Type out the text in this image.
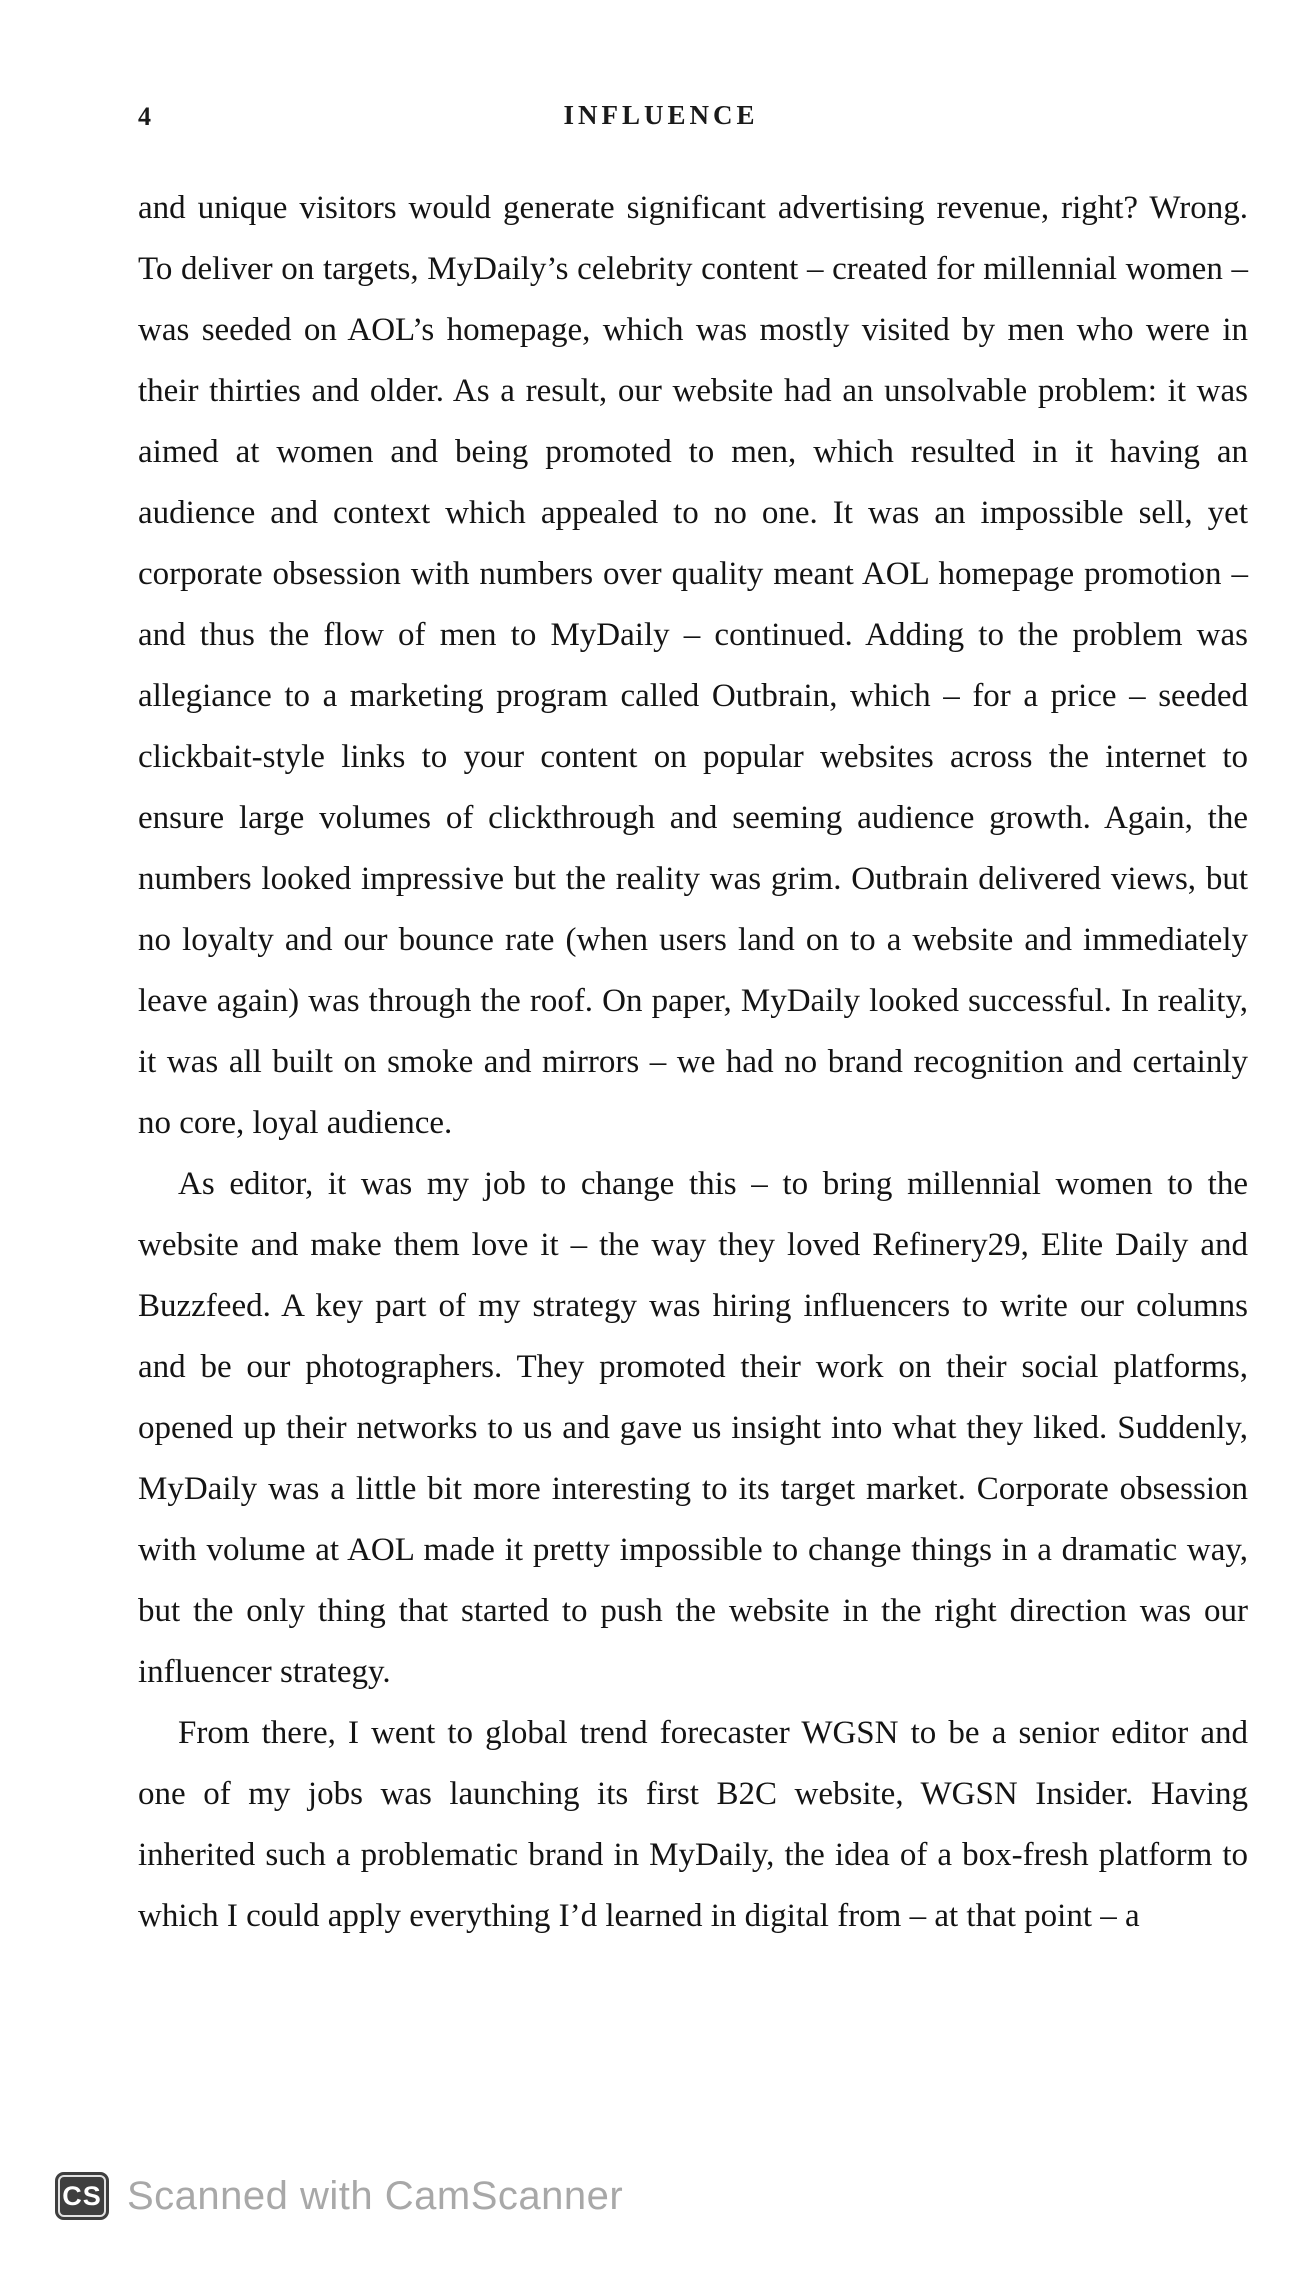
4	INFLUENCE

and unique visitors would generate significant advertising revenue, right? Wrong. To deliver on targets, MyDaily’s celebrity content – created for millennial women – was seeded on AOL’s homepage, which was mostly visited by men who were in their thirties and older. As a result, our website had an unsolvable problem: it was aimed at women and being promoted to men, which resulted in it having an audience and context which appealed to no one. It was an impossible sell, yet corporate obsession with numbers over quality meant AOL homepage promotion – and thus the flow of men to MyDaily – continued. Adding to the problem was allegiance to a marketing program called Outbrain, which – for a price – seeded clickbait-style links to your content on popular websites across the internet to ensure large volumes of clickthrough and seeming audience growth. Again, the numbers looked impressive but the reality was grim. Outbrain delivered views, but no loyalty and our bounce rate (when users land on to a website and immediately leave again) was through the roof. On paper, MyDaily looked successful. In reality, it was all built on smoke and mirrors – we had no brand recognition and certainly no core, loyal audience.

As editor, it was my job to change this – to bring millennial women to the website and make them love it – the way they loved Refinery29, Elite Daily and Buzzfeed. A key part of my strategy was hiring influencers to write our columns and be our photographers. They promoted their work on their social platforms, opened up their networks to us and gave us insight into what they liked. Suddenly, MyDaily was a little bit more interesting to its target market. Corporate obsession with volume at AOL made it pretty impossible to change things in a dramatic way, but the only thing that started to push the website in the right direction was our influencer strategy.

From there, I went to global trend forecaster WGSN to be a senior editor and one of my jobs was launching its first B2C website, WGSN Insider. Having inherited such a problematic brand in MyDaily, the idea of a box-fresh platform to which I could apply everything I’d learned in digital from – at that point – a

CS Scanned with CamScanner
